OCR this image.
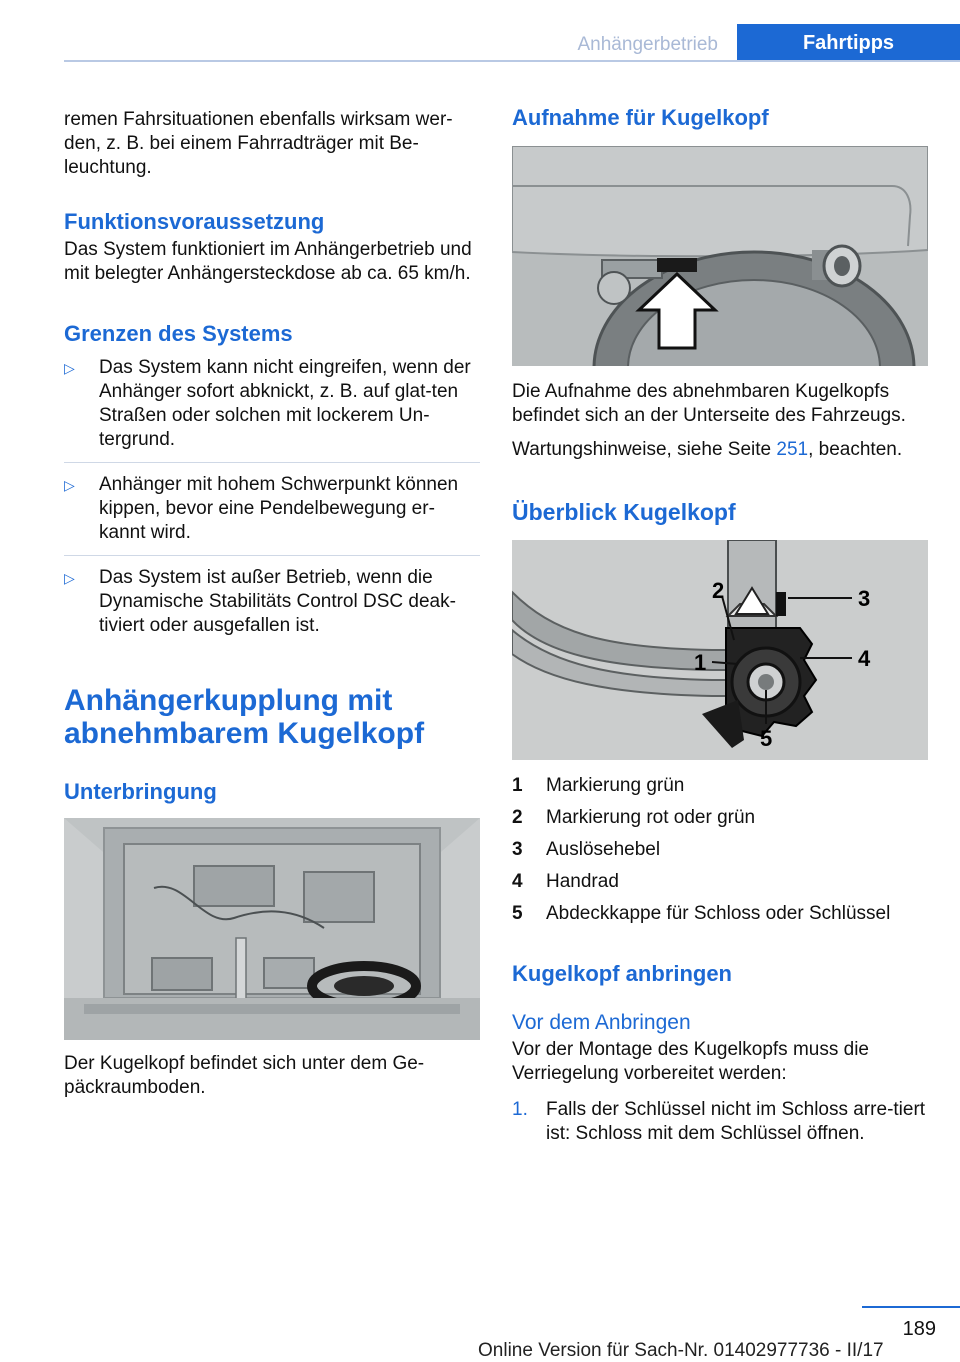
Anhängerbetrieb	Fahrtipps

remen Fahrsituationen ebenfalls wirksam wer-den, z. B. bei einem Fahrradträger mit Be-leuchtung.

Funktionsvoraussetzung

Das System funktioniert im Anhängerbetrieb und mit belegter Anhängersteckdose ab ca. 65 km/h.

Grenzen des Systems
▷	Das System kann nicht eingreifen, wenn der Anhänger sofort abknickt, z. B. auf glat-ten Straßen oder solchen mit lockerem Un-tergrund.

▷	Anhänger mit hohem Schwerpunkt können kippen, bevor eine Pendelbewegung er-kannt wird.

▷	Das System ist außer Betrieb, wenn die Dynamische Stabilitäts Control DSC deak-tiviert oder ausgefallen ist.

Anhängerkupplung mit abnehmbarem Kugelkopf
Unterbringung

Der Kugelkopf befindet sich unter dem Ge-päckraumboden.

Aufnahme für Kugelkopf

Die Aufnahme des abnehmbaren Kugelkopfs befindet sich an der Unterseite des Fahrzeugs.

Wartungshinweise, siehe Seite 251, beachten.

Überblick Kugelkopf
1
2	3
4
5
1	Markierung grün
2	Markierung rot oder grün
3	Auslösehebel
4	Handrad
5	Abdeckkappe für Schloss oder Schlüssel
Kugelkopf anbringen
Vor dem Anbringen

Vor der Montage des Kugelkopfs muss die Verriegelung vorbereitet werden:

1. Falls der Schlüssel nicht im Schloss arre-tiert ist: Schloss mit dem Schlüssel öffnen.

189
Online Version für Sach-Nr. 01402977736 - II/17
